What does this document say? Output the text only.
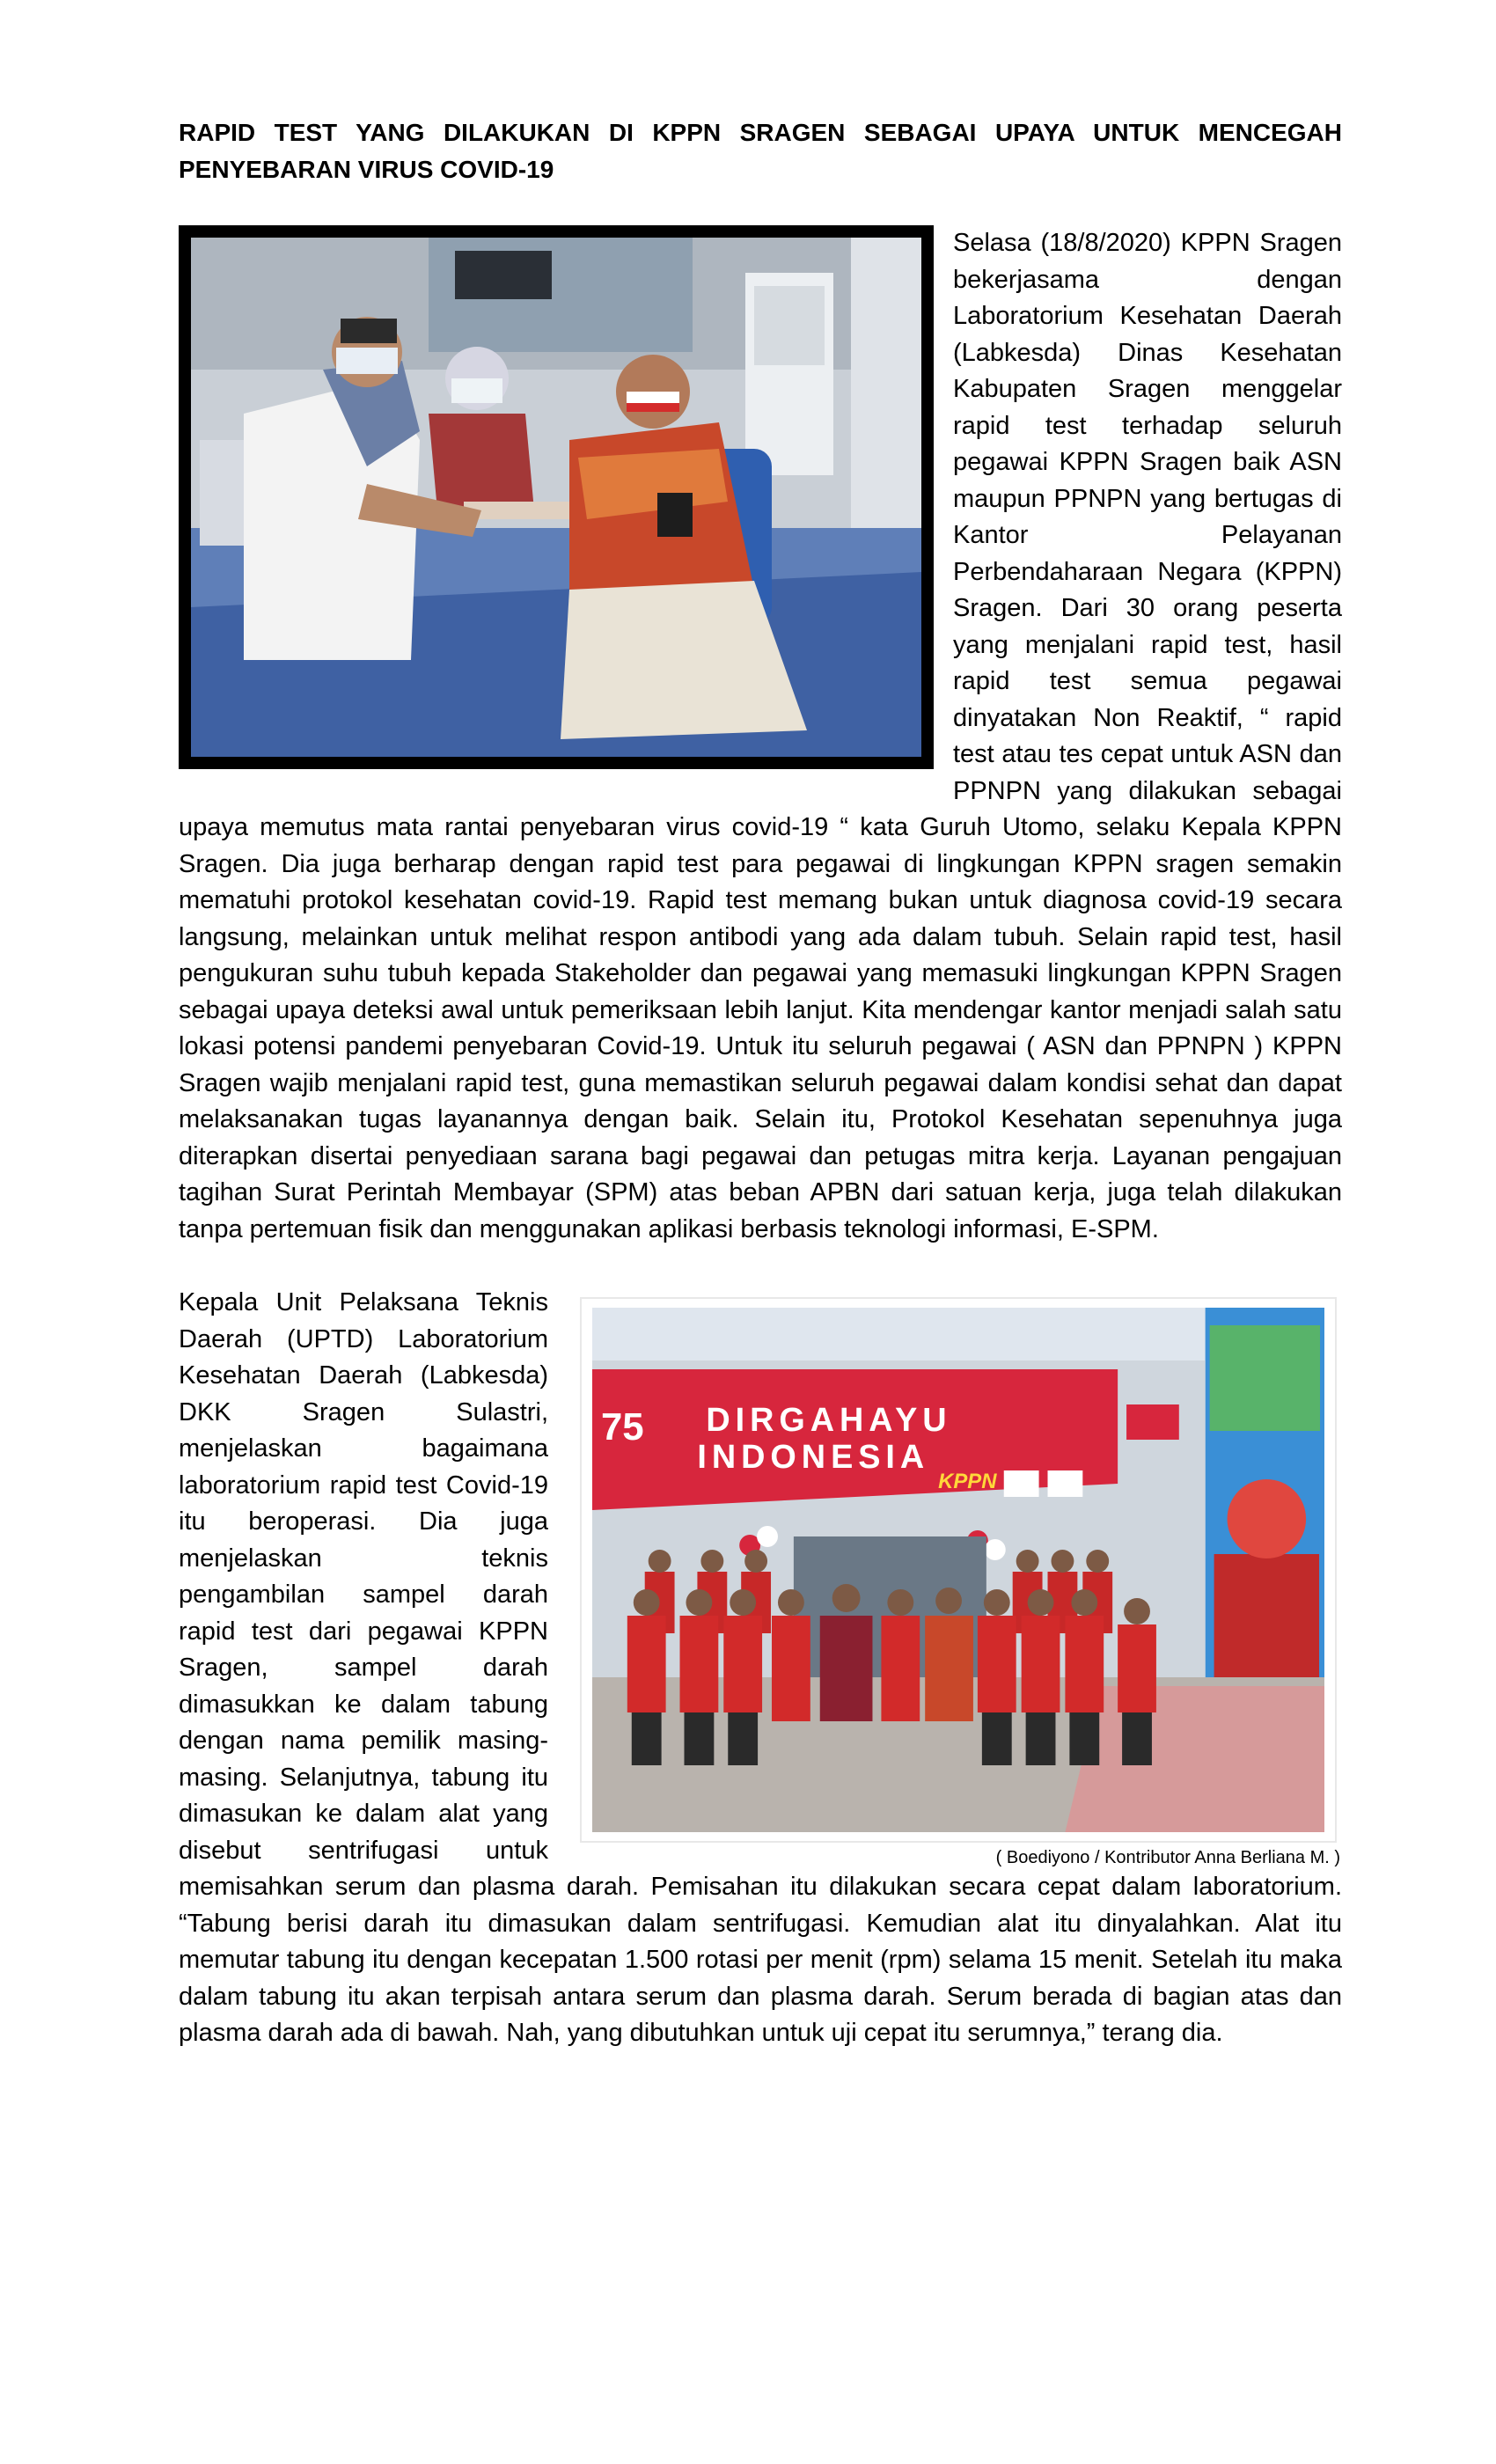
RAPID TEST YANG DILAKUKAN DI KPPN SRAGEN SEBAGAI UPAYA UNTUK MENCEGAH PENYEBARAN VIRUS COVID-19

Selasa (18/8/2020) KPPN Sragen bekerjasama dengan Laboratorium Kesehatan Daerah (Labkesda) Dinas Kesehatan Kabupaten Sragen menggelar rapid test terhadap seluruh pegawai KPPN Sragen baik ASN maupun PPNPN yang bertugas di Kantor Pelayanan Perbendaharaan Negara (KPPN) Sragen. Dari 30 orang peserta yang menjalani rapid test, hasil rapid test semua pegawai dinyatakan Non Reaktif, “ rapid test atau tes cepat untuk ASN dan PPNPN yang dilakukan sebagai upaya memutus mata rantai penyebaran virus covid-19 “ kata Guruh Utomo, selaku Kepala KPPN Sragen. Dia juga berharap dengan rapid test para pegawai di lingkungan KPPN sragen semakin mematuhi protokol kesehatan covid-19. Rapid test memang bukan untuk diagnosa covid-19 secara langsung, melainkan untuk melihat respon antibodi yang ada dalam tubuh. Selain rapid test, hasil pengukuran suhu tubuh kepada Stakeholder dan pegawai yang memasuki lingkungan KPPN Sragen sebagai upaya deteksi awal untuk pemeriksaan lebih lanjut. Kita mendengar kantor menjadi salah satu lokasi potensi pandemi penyebaran Covid-19. Untuk itu seluruh pegawai ( ASN dan PPNPN ) KPPN Sragen wajib menjalani rapid test, guna memastikan seluruh pegawai dalam kondisi sehat dan dapat melaksanakan tugas layanannya dengan baik. Selain itu, Protokol Kesehatan sepenuhnya juga diterapkan disertai penyediaan sarana bagi pegawai dan petugas mitra kerja. Layanan pengajuan tagihan Surat Perintah Membayar (SPM) atas beban APBN dari satuan kerja, juga telah dilakukan tanpa pertemuan fisik dan menggunakan aplikasi berbasis teknologi informasi, E-SPM.

DIRGAHAYU
INDONESIA
75
KPPN
( Boediyono / Kontributor Anna Berliana M. )

Kepala Unit Pelaksana Teknis Daerah (UPTD) Laboratorium Kesehatan Daerah (Labkesda) DKK Sragen Sulastri, menjelaskan bagaimana laboratorium rapid test Covid-19 itu beroperasi. Dia juga menjelaskan teknis pengambilan sampel darah rapid test dari pegawai KPPN Sragen, sampel darah dimasukkan ke dalam tabung dengan nama pemilik masing-masing. Selanjutnya, tabung itu dimasukan ke dalam alat yang disebut sentrifugasi untuk memisahkan serum dan plasma darah. Pemisahan itu dilakukan secara cepat dalam laboratorium. “Tabung berisi darah itu dimasukan dalam sentrifugasi. Kemudian alat itu dinyalahkan. Alat itu memutar tabung itu dengan kecepatan 1.500 rotasi per menit (rpm) selama 15 menit. Setelah itu maka dalam tabung itu akan terpisah antara serum dan plasma darah. Serum berada di bagian atas dan plasma darah ada di bawah. Nah, yang dibutuhkan untuk uji cepat itu serumnya,” terang dia.
